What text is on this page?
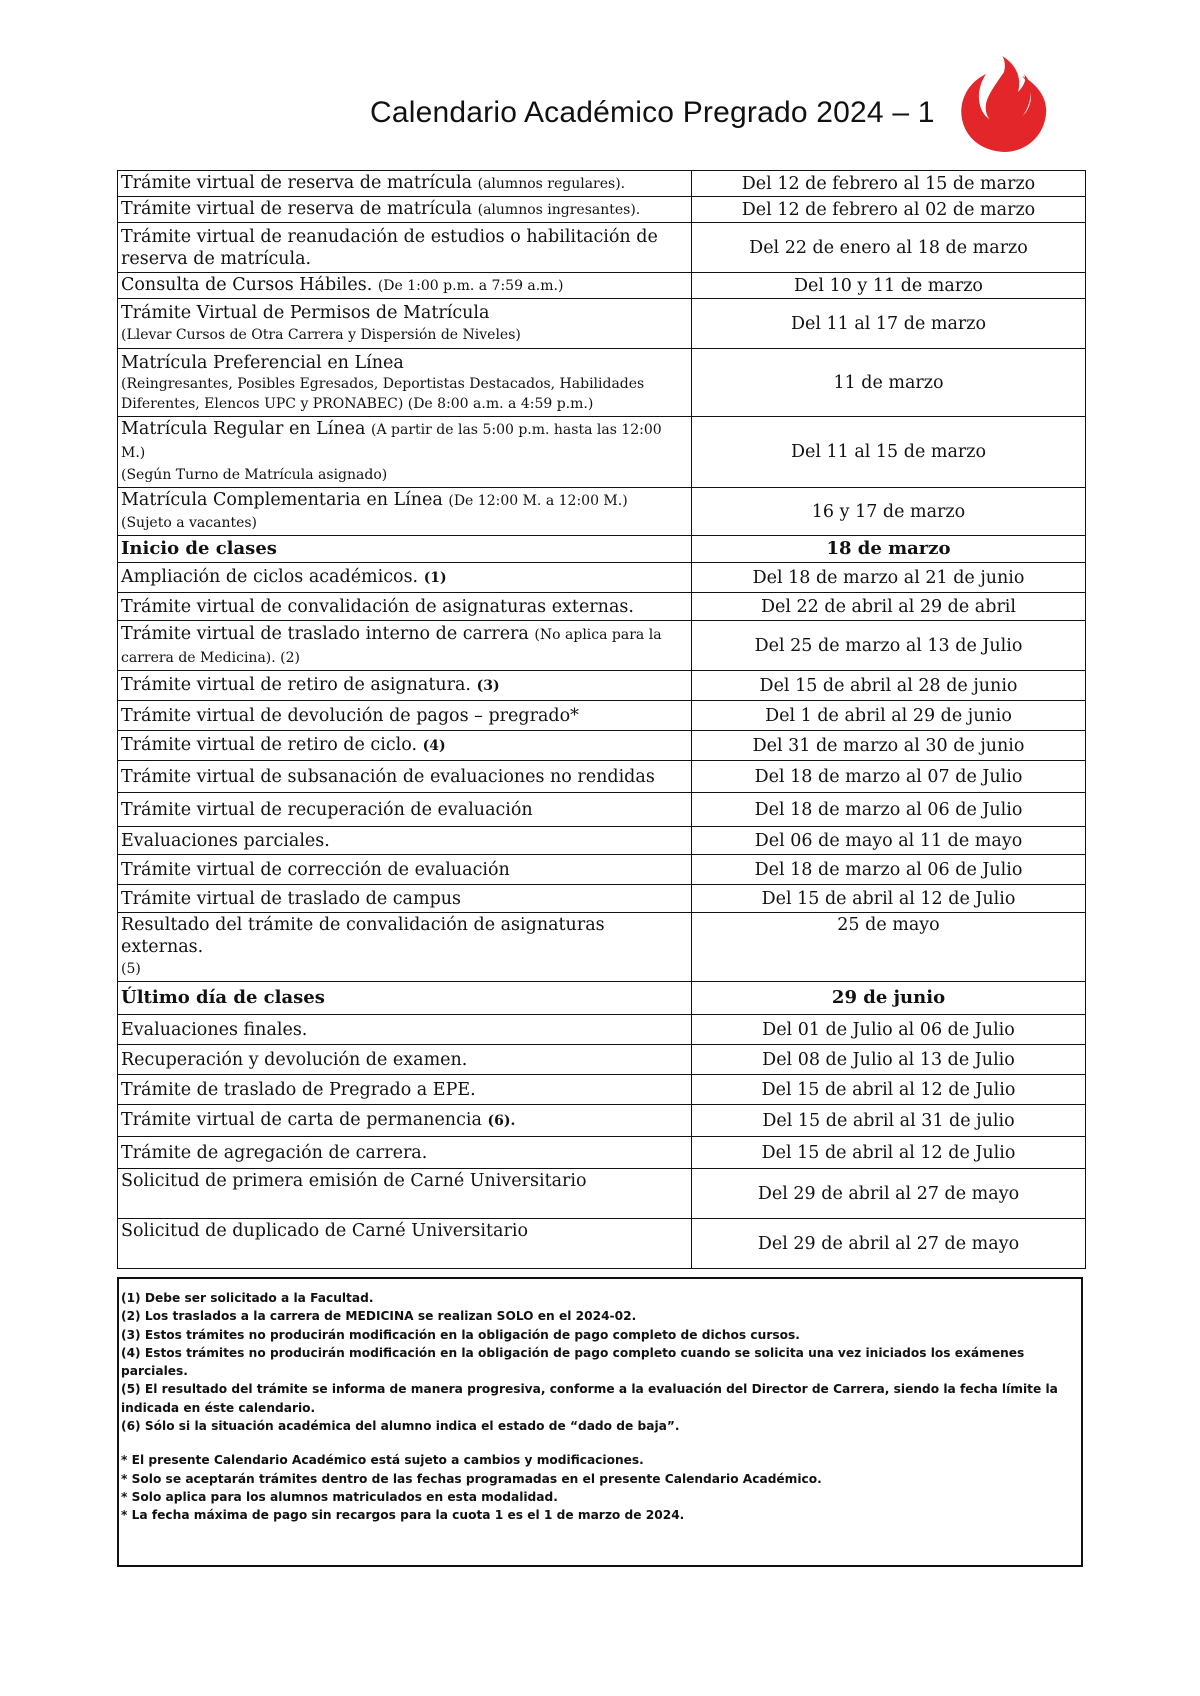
Calendario Académico Pregrado 2024 – 1
Trámite virtual de reserva de matrícula (alumnos regulares).	Del 12 de febrero al 15 de marzo
Trámite virtual de reserva de matrícula (alumnos ingresantes).	Del 12 de febrero al 02 de marzo
Trámite virtual de reanudación de estudios o habilitación de reserva de matrícula.	Del 22 de enero al 18 de marzo
Consulta de Cursos Hábiles. (De 1:00 p.m. a 7:59 a.m.)	Del 10 y 11 de marzo

Trámite Virtual de Permisos de Matrícula
(Llevar Cursos de Otra Carrera y Dispersión de Niveles)	Del 11 al 17 de marzo

Matrícula Preferencial en Línea
(Reingresantes, Posibles Egresados, Deportistas Destacados, Habilidades Diferentes, Elencos UPC y PRONABEC) (De 8:00 a.m. a 4:59 p.m.)	11 de marzo

Matrícula Regular en Línea (A partir de las 5:00 p.m. hasta las 12:00 M.)
(Según Turno de Matrícula asignado)	Del 11 al 15 de marzo

Matrícula Complementaria en Línea (De 12:00 M. a 12:00 M.)
(Sujeto a vacantes)	16 y 17 de marzo
Inicio de clases	18 de marzo
Ampliación de ciclos académicos. (1)	Del 18 de marzo al 21 de junio
Trámite virtual de convalidación de asignaturas externas.	Del 22 de abril al 29 de abril
Trámite virtual de traslado interno de carrera (No aplica para la carrera de Medicina). (2)	Del 25 de marzo al 13 de Julio
Trámite virtual de retiro de asignatura. (3)	Del 15 de abril al 28 de junio
Trámite virtual de devolución de pagos – pregrado*	Del 1 de abril al 29 de junio
Trámite virtual de retiro de ciclo. (4)	Del 31 de marzo al 30 de junio
Trámite virtual de subsanación de evaluaciones no rendidas	Del 18 de marzo al 07 de Julio
Trámite virtual de recuperación de evaluación	Del 18 de marzo al 06 de Julio
Evaluaciones parciales.	Del 06 de mayo al 11 de mayo
Trámite virtual de corrección de evaluación	Del 18 de marzo al 06 de Julio
Trámite virtual de traslado de campus	Del 15 de abril al 12 de Julio

Resultado del trámite de convalidación de asignaturas externas.
(5)	25 de mayo
Último día de clases	29 de junio
Evaluaciones finales.	Del 01 de Julio al 06 de Julio
Recuperación y devolución de examen.	Del 08 de Julio al 13 de Julio
Trámite de traslado de Pregrado a EPE.	Del 15 de abril al 12 de Julio
Trámite virtual de carta de permanencia (6).	Del 15 de abril al 31 de julio
Trámite de agregación de carrera.	Del 15 de abril al 12 de Julio
Solicitud de primera emisión de Carné Universitario	Del 29 de abril al 27 de mayo
Solicitud de duplicado de Carné Universitario	Del 29 de abril al 27 de mayo
(1) Debe ser solicitado a la Facultad.
(2) Los traslados a la carrera de MEDICINA se realizan SOLO en el 2024-02.
(3) Estos trámites no producirán modificación en la obligación de pago completo de dichos cursos.
(4) Estos trámites no producirán modificación en la obligación de pago completo cuando se solicita una vez iniciados los exámenes parciales.
(5) El resultado del trámite se informa de manera progresiva, conforme a la evaluación del Director de Carrera, siendo la fecha límite la indicada en éste calendario.
(6) Sólo si la situación académica del alumno indica el estado de “dado de baja”.
* El presente Calendario Académico está sujeto a cambios y modificaciones.
* Solo se aceptarán trámites dentro de las fechas programadas en el presente Calendario Académico.
* Solo aplica para los alumnos matriculados en esta modalidad.
* La fecha máxima de pago sin recargos para la cuota 1 es el 1 de marzo de 2024.
